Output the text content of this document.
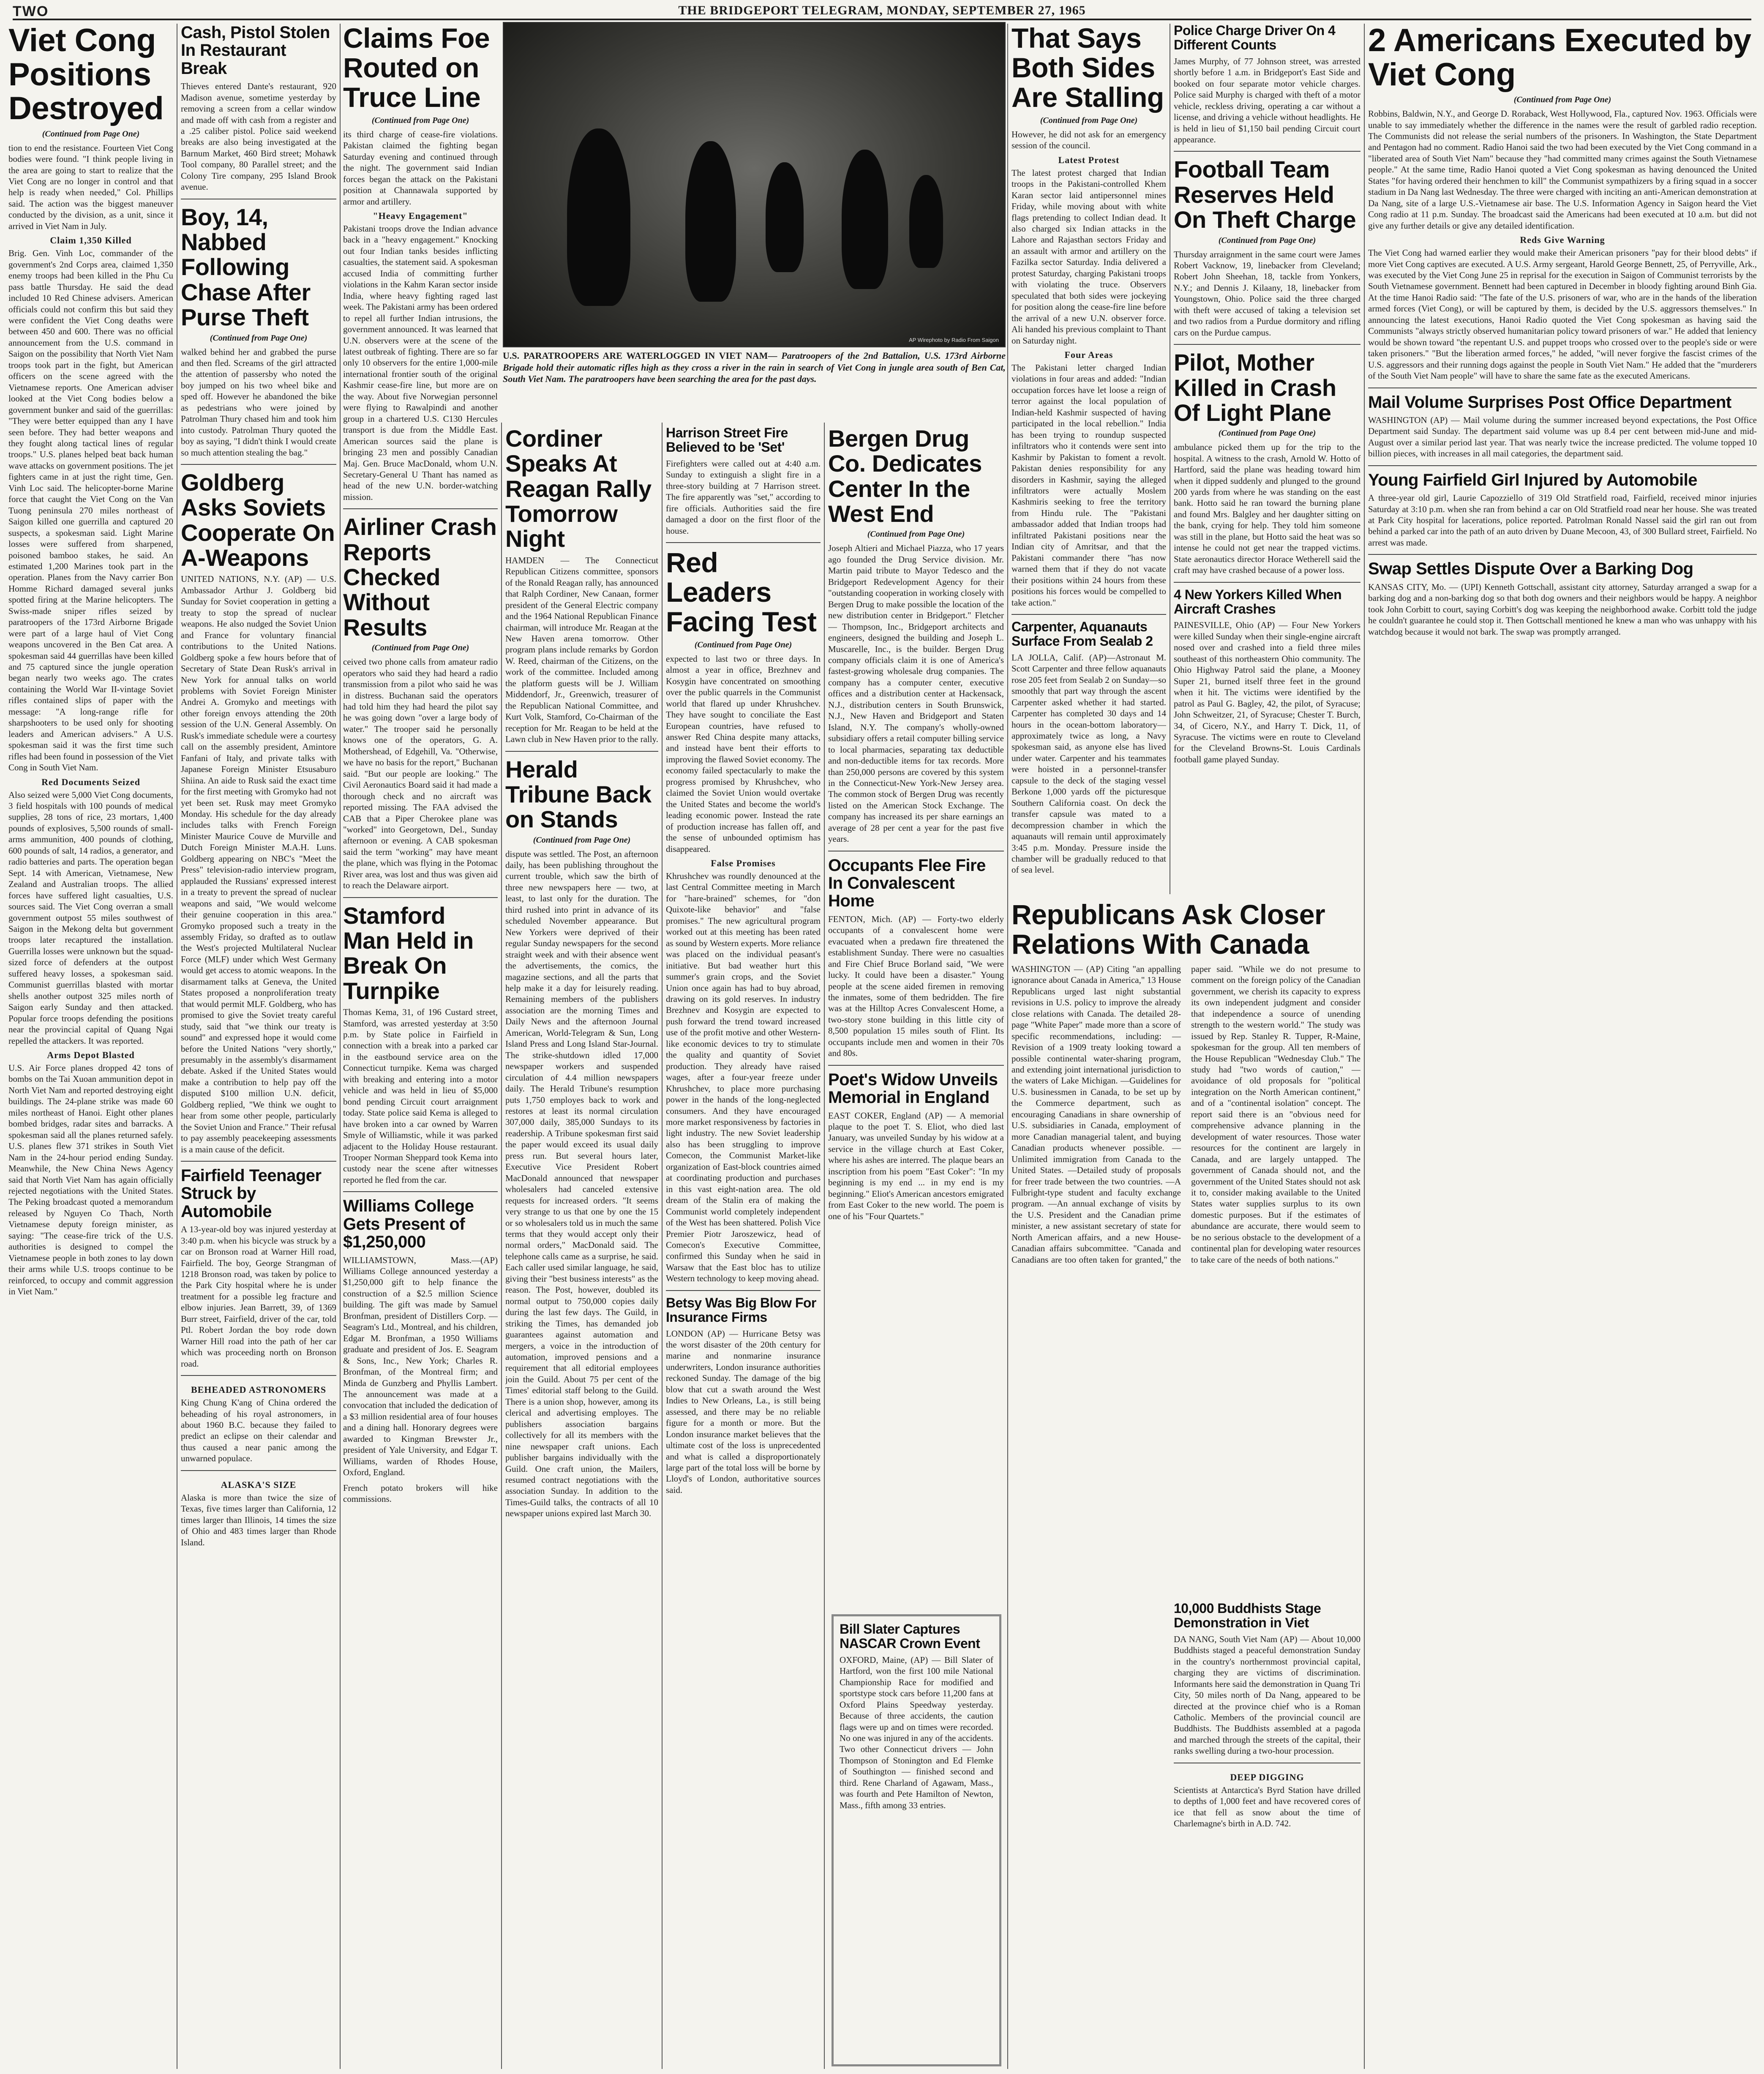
TWO	THE BRIDGEPORT TELEGRAM, MONDAY, SEPTEMBER 27, 1965
Viet Cong Positions Destroyed
(Continued from Page One)
tion to end the resistance. Fourteen Viet Cong bodies were found. "I think people living in the area are going to start to realize that the Viet Cong are no longer in control and that help is ready when needed," Col. Phillips said. The action was the biggest maneuver conducted by the division, as a unit, since it arrived in Viet Nam in July.
Claim 1,350 Killed
Brig. Gen. Vinh Loc, commander of the government's 2nd Corps area, claimed 1,350 enemy troops had been killed in the Phu Cu pass battle Thursday. He said the dead included 10 Red Chinese advisers. American officials could not confirm this but said they were confident the Viet Cong deaths were between 450 and 600. There was no official announcement from the U.S. command in Saigon on the possibility that North Viet Nam troops took part in the fight, but American officers on the scene agreed with the Vietnamese reports. One American adviser looked at the Viet Cong bodies below a government bunker and said of the guerrillas: "They were better equipped than any I have seen before. They had better weapons and they fought along tactical lines of regular troops." U.S. planes helped beat back human wave attacks on government positions. The jet fighters came in at just the right time, Gen. Vinh Loc said. The helicopter-borne Marine force that caught the Viet Cong on the Van Tuong peninsula 270 miles northeast of Saigon killed one guerrilla and captured 20 suspects, a spokesman said. Light Marine losses were suffered from sharpened, poisoned bamboo stakes, he said. An estimated 1,200 Marines took part in the operation. Planes from the Navy carrier Bon Homme Richard damaged several junks spotted firing at the Marine helicopters. The Swiss-made sniper rifles seized by paratroopers of the 173rd Airborne Brigade were part of a large haul of Viet Cong weapons uncovered in the Ben Cat area. A spokesman said 44 guerrillas have been killed and 75 captured since the jungle operation began nearly two weeks ago. The crates containing the World War II-vintage Soviet rifles contained slips of paper with the message: "A long-range rifle for sharpshooters to be used only for shooting leaders and American advisers." A U.S. spokesman said it was the first time such rifles had been found in possession of the Viet Cong in South Viet Nam.
Red Documents Seized
Also seized were 5,000 Viet Cong documents, 3 field hospitals with 100 pounds of medical supplies, 28 tons of rice, 23 mortars, 1,400 pounds of explosives, 5,500 rounds of small-arms ammunition, 400 pounds of clothing, 600 pounds of salt, 14 radios, a generator, and radio batteries and parts. The operation began Sept. 14 with American, Vietnamese, New Zealand and Australian troops. The allied forces have suffered light casualties, U.S. sources said. The Viet Cong overran a small government outpost 55 miles southwest of Saigon in the Mekong delta but government troops later recaptured the installation. Guerrilla losses were unknown but the squad-sized force of defenders at the outpost suffered heavy losses, a spokesman said. Communist guerrillas blasted with mortar shells another outpost 325 miles north of Saigon early Sunday and then attacked. Popular force troops defending the positions near the provincial capital of Quang Ngai repelled the attackers. It was reported.
Arms Depot Blasted
U.S. Air Force planes dropped 42 tons of bombs on the Tai Xuoan ammunition depot in North Viet Nam and reported destroying eight buildings. The 24-plane strike was made 60 miles northeast of Hanoi. Eight other planes bombed bridges, radar sites and barracks. A spokesman said all the planes returned safely. U.S. planes flew 371 strikes in South Viet Nam in the 24-hour period ending Sunday. Meanwhile, the New China News Agency said that North Viet Nam has again officially rejected negotiations with the United States. The Peking broadcast quoted a memorandum released by Nguyen Co Thach, North Vietnamese deputy foreign minister, as saying: "The cease-fire trick of the U.S. authorities is designed to compel the Vietnamese people in both zones to lay down their arms while U.S. troops continue to be reinforced, to occupy and commit aggression in Viet Nam."
Cash, Pistol Stolen In Restaurant Break
Thieves entered Dante's restaurant, 920 Madison avenue, sometime yesterday by removing a screen from a cellar window and made off with cash from a register and a .25 caliber pistol. Police said weekend breaks are also being investigated at the Barnum Market, 460 Bird street; Mohawk Tool company, 80 Parallel street; and the Colony Tire company, 295 Island Brook avenue.
Boy, 14, Nabbed Following Chase After Purse Theft
(Continued from Page One)
walked behind her and grabbed the purse and then fled. Screams of the girl attracted the attention of passersby who noted the boy jumped on his two wheel bike and sped off. However he abandoned the bike as pedestrians who were joined by Patrolman Thury chased him and took him into custody. Patrolman Thury quoted the boy as saying, "I didn't think I would create so much attention stealing the bag."
Goldberg Asks Soviets Cooperate On A-Weapons
UNITED NATIONS, N.Y. (AP) — U.S. Ambassador Arthur J. Goldberg bid Sunday for Soviet cooperation in getting a treaty to stop the spread of nuclear weapons. He also nudged the Soviet Union and France for voluntary financial contributions to the United Nations. Goldberg spoke a few hours before that of Secretary of State Dean Rusk's arrival in New York for annual talks on world problems with Soviet Foreign Minister Andrei A. Gromyko and meetings with other foreign envoys attending the 20th session of the U.N. General Assembly. On Rusk's immediate schedule were a courtesy call on the assembly president, Amintore Fanfani of Italy, and private talks with Japanese Foreign Minister Etsusaburo Shiina. An aide to Rusk said the exact time for the first meeting with Gromyko had not yet been set. Rusk may meet Gromyko Monday. His schedule for the day already includes talks with French Foreign Minister Maurice Couve de Murville and Dutch Foreign Minister M.A.H. Luns. Goldberg appearing on NBC's "Meet the Press" television-radio interview program, applauded the Russians' expressed interest in a treaty to prevent the spread of nuclear weapons and said, "We would welcome their genuine cooperation in this area." Gromyko proposed such a treaty in the assembly Friday, so drafted as to outlaw the West's projected Multilateral Nuclear Force (MLF) under which West Germany would get access to atomic weapons. In the disarmament talks at Geneva, the United States proposed a nonproliferation treaty that would permit MLF. Goldberg, who has promised to give the Soviet treaty careful study, said that "we think our treaty is sound" and expressed hope it would come before the United Nations "very shortly," presumably in the assembly's disarmament debate. Asked if the United States would make a contribution to help pay off the disputed $100 million U.N. deficit, Goldberg replied, "We think we ought to hear from some other people, particularly the Soviet Union and France." Their refusal to pay assembly peacekeeping assessments is a main cause of the deficit.
Fairfield Teenager Struck by Automobile
A 13-year-old boy was injured yesterday at 3:40 p.m. when his bicycle was struck by a car on Bronson road at Warner Hill road, Fairfield. The boy, George Strangman of 1218 Bronson road, was taken by police to the Park City hospital where he is under treatment for a possible leg fracture and elbow injuries. Jean Barrett, 39, of 1369 Burr street, Fairfield, driver of the car, told Ptl. Robert Jordan the boy rode down Warner Hill road into the path of her car which was proceeding north on Bronson road.
BEHEADED ASTRONOMERS
King Chung K'ang of China ordered the beheading of his royal astronomers, in about 1960 B.C. because they failed to predict an eclipse on their calendar and thus caused a near panic among the unwarned populace.
ALASKA'S SIZE
Alaska is more than twice the size of Texas, five times larger than California, 12 times larger than Illinois, 14 times the size of Ohio and 483 times larger than Rhode Island.
Claims Foe Routed on Truce Line
(Continued from Page One)
its third charge of cease-fire violations. Pakistan claimed the fighting began Saturday evening and continued through the night. The government said Indian forces began the attack on the Pakistani position at Channawala supported by armor and artillery.
"Heavy Engagement"
Pakistani troops drove the Indian advance back in a "heavy engagement." Knocking out four Indian tanks besides inflicting casualties, the statement said. A spokesman accused India of committing further violations in the Kahm Karan sector inside India, where heavy fighting raged last week. The Pakistani army has been ordered to repel all further Indian intrusions, the government announced. It was learned that U.N. observers were at the scene of the latest outbreak of fighting. There are so far only 10 observers for the entire 1,000-mile international frontier south of the original Kashmir cease-fire line, but more are on the way. About five Norwegian personnel were flying to Rawalpindi and another group in a chartered U.S. C130 Hercules transport is due from the Middle East. American sources said the plane is bringing 23 men and possibly Canadian Maj. Gen. Bruce MacDonald, whom U.N. Secretary-General U Thant has named as head of the new U.N. border-watching mission.
Airliner Crash Reports Checked Without Results
(Continued from Page One)
ceived two phone calls from amateur radio operators who said they had heard a radio transmission from a pilot who said he was in distress. Buchanan said the operators had told him they had heard the pilot say he was going down "over a large body of water." The trooper said he personally knows one of the operators, G. A. Mothershead, of Edgehill, Va. "Otherwise, we have no basis for the report," Buchanan said. "But our people are looking." The Civil Aeronautics Board said it had made a thorough check and no aircraft was reported missing. The FAA advised the CAB that a Piper Cherokee plane was "worked" into Georgetown, Del., Sunday afternoon or evening. A CAB spokesman said the term "working" may have meant the plane, which was flying in the Potomac River area, was lost and thus was given aid to reach the Delaware airport.
Stamford Man Held in Break On Turnpike
Thomas Kema, 31, of 196 Custard street, Stamford, was arrested yesterday at 3:50 p.m. by State police in Fairfield in connection with a break into a parked car in the eastbound service area on the Connecticut turnpike. Kema was charged with breaking and entering into a motor vehicle and was held in lieu of $5,000 bond pending Circuit court arraignment today. State police said Kema is alleged to have broken into a car owned by Warren Smyle of Williamstic, while it was parked adjacent to the Holiday House restaurant. Trooper Norman Sheppard took Kema into custody near the scene after witnesses reported he fled from the car.
Williams College Gets Present of $1,250,000
WILLIAMSTOWN, Mass.—(AP) Williams College announced yesterday a $1,250,000 gift to help finance the construction of a $2.5 million Science building. The gift was made by Samuel Bronfman, president of Distillers Corp. — Seagram's Ltd., Montreal, and his children, Edgar M. Bronfman, a 1950 Williams graduate and president of Jos. E. Seagram & Sons, Inc., New York; Charles R. Bronfman, of the Montreal firm; and Minda de Gunzberg and Phyllis Lambert. The announcement was made at a convocation that included the dedication of a $3 million residential area of four houses and a dining hall. Honorary degrees were awarded to Kingman Brewster Jr., president of Yale University, and Edgar T. Williams, warden of Rhodes House, Oxford, England.
French potato brokers will hike commissions.
AP Wirephoto by Radio From Saigon
U.S. PARATROOPERS ARE WATERLOGGED IN VIET NAM— Paratroopers of the 2nd Battalion, U.S. 173rd Airborne Brigade hold their automatic rifles high as they cross a river in the rain in search of Viet Cong in jungle area south of Ben Cat, South Viet Nam. The paratroopers have been searching the area for the past days.
Cordiner Speaks At Reagan Rally Tomorrow Night
HAMDEN — The Connecticut Republican Citizens committee, sponsors of the Ronald Reagan rally, has announced that Ralph Cordiner, New Canaan, former president of the General Electric company and the 1964 National Republican Finance chairman, will introduce Mr. Reagan at the New Haven arena tomorrow. Other program plans include remarks by Gordon W. Reed, chairman of the Citizens, on the work of the committee. Included among the platform guests will be J. William Middendorf, Jr., Greenwich, treasurer of the Republican National Committee, and Kurt Volk, Stamford, Co-Chairman of the reception for Mr. Reagan to be held at the Lawn club in New Haven prior to the rally.
Herald Tribune Back on Stands
(Continued from Page One)
dispute was settled. The Post, an afternoon daily, has been publishing throughout the current trouble, which saw the birth of three new newspapers here — two, at least, to last only for the duration. The third rushed into print in advance of its scheduled November appearance. But New Yorkers were deprived of their regular Sunday newspapers for the second straight week and with their absence went the advertisements, the comics, the magazine sections, and all the parts that help make it a day for leisurely reading. Remaining members of the publishers association are the morning Times and Daily News and the afternoon Journal American, World-Telegram & Sun, Long Island Press and Long Island Star-Journal. The strike-shutdown idled 17,000 newspaper workers and suspended circulation of 4.4 million newspapers daily. The Herald Tribune's resumption puts 1,750 employes back to work and restores at least its normal circulation 307,000 daily, 385,000 Sundays to its readership. A Tribune spokesman first said the paper would exceed its usual daily press run. But several hours later, Executive Vice President Robert MacDonald announced that newspaper wholesalers had canceled extensive requests for increased orders. "It seems very strange to us that one by one the 15 or so wholesalers told us in much the same terms that they would accept only their normal orders," MacDonald said. The telephone calls came as a surprise, he said. Each caller used similar language, he said, giving their "best business interests" as the reason. The Post, however, doubled its normal output to 750,000 copies daily during the last few days. The Guild, in striking the Times, has demanded job guarantees against automation and mergers, a voice in the introduction of automation, improved pensions and a requirement that all editorial employees join the Guild. About 75 per cent of the Times' editorial staff belong to the Guild. There is a union shop, however, among its clerical and advertising employes. The publishers association bargains collectively for all its members with the nine newspaper craft unions. Each publisher bargains individually with the Guild. One craft union, the Mailers, resumed contract negotiations with the association Sunday. In addition to the Times-Guild talks, the contracts of all 10 newspaper unions expired last March 30.
Harrison Street Fire Believed to be 'Set'
Firefighters were called out at 4:40 a.m. Sunday to extinguish a slight fire in a three-story building at 7 Harrison street. The fire apparently was "set," according to fire officials. Authorities said the fire damaged a door on the first floor of the house.
Red Leaders Facing Test
(Continued from Page One)
expected to last two or three days. In almost a year in office, Brezhnev and Kosygin have concentrated on smoothing over the public quarrels in the Communist world that flared up under Khrushchev. They have sought to conciliate the East European countries, have refused to answer Red China despite many attacks, and instead have bent their efforts to improving the flawed Soviet economy. The economy failed spectacularly to make the progress promised by Khrushchev, who claimed the Soviet Union would overtake the United States and become the world's leading economic power. Instead the rate of production increase has fallen off, and the sense of unbounded optimism has disappeared.
False Promises
Khrushchev was roundly denounced at the last Central Committee meeting in March for "hare-brained" schemes, for "don Quixote-like behavior" and "false promises." The new agricultural program worked out at this meeting has been rated as sound by Western experts. More reliance was placed on the individual peasant's initiative. But bad weather hurt this summer's grain crops, and the Soviet Union once again has had to buy abroad, drawing on its gold reserves. In industry Brezhnev and Kosygin are expected to push forward the trend toward increased use of the profit motive and other Western-like economic devices to try to stimulate the quality and quantity of Soviet production. They already have raised wages, after a four-year freeze under Khrushchev, to place more purchasing power in the hands of the long-neglected consumers. And they have encouraged more market responsiveness by factories in light industry. The new Soviet leadership also has been struggling to improve Comecon, the Communist Market-like organization of East-block countries aimed at coordinating production and purchases in this vast eight-nation area. The old dream of the Stalin era of making the Communist world completely independent of the West has been shattered. Polish Vice Premier Piotr Jaroszewicz, head of Comecon's Executive Committee, confirmed this Sunday when he said in Warsaw that the East bloc has to utilize Western technology to keep moving ahead.
Betsy Was Big Blow For Insurance Firms
LONDON (AP) — Hurricane Betsy was the worst disaster of the 20th century for marine and nonmarine insurance underwriters, London insurance authorities reckoned Sunday. The damage of the big blow that cut a swath around the West Indies to New Orleans, La., is still being assessed, and there may be no reliable figure for a month or more. But the London insurance market believes that the ultimate cost of the loss is unprecedented and what is called a disproportionately large part of the total loss will be borne by Lloyd's of London, authoritative sources said.
Bergen Drug Co. Dedicates Center In the West End
(Continued from Page One)
Joseph Altieri and Michael Piazza, who 17 years ago founded the Drug Service division. Mr. Martin paid tribute to Mayor Tedesco and the Bridgeport Redevelopment Agency for their "outstanding cooperation in working closely with Bergen Drug to make possible the location of the new distribution center in Bridgeport." Fletcher — Thompson, Inc., Bridgeport architects and engineers, designed the building and Joseph L. Muscarelle, Inc., is the builder. Bergen Drug company officials claim it is one of America's fastest-growing wholesale drug companies. The company has a computer center, executive offices and a distribution center at Hackensack, N.J., distribution centers in South Brunswick, N.J., New Haven and Bridgeport and Staten Island, N.Y. The company's wholly-owned subsidiary offers a retail computer billing service to local pharmacies, separating tax deductible and non-deductible items for tax records. More than 250,000 persons are covered by this system in the Connecticut-New York-New Jersey area. The common stock of Bergen Drug was recently listed on the American Stock Exchange. The company has increased its per share earnings an average of 28 per cent a year for the past five years.
Occupants Flee Fire In Convalescent Home
FENTON, Mich. (AP) — Forty-two elderly occupants of a convalescent home were evacuated when a predawn fire threatened the establishment Sunday. There were no casualties and Fire Chief Bruce Borland said, "We were lucky. It could have been a disaster." Young people at the scene aided firemen in removing the inmates, some of them bedridden. The fire was at the Hilltop Acres Convalescent Home, a two-story stone building in this little city of 8,500 population 15 miles south of Flint. Its occupants include men and women in their 70s and 80s.
Poet's Widow Unveils Memorial in England
EAST COKER, England (AP) — A memorial plaque to the poet T. S. Eliot, who died last January, was unveiled Sunday by his widow at a service in the village church at East Coker, where his ashes are interred. The plaque bears an inscription from his poem "East Coker": "In my beginning is my end ... in my end is my beginning." Eliot's American ancestors emigrated from East Coker to the new world. The poem is one of his "Four Quartets."
That Says Both Sides Are Stalling
(Continued from Page One)
However, he did not ask for an emergency session of the council.
Latest Protest
The latest protest charged that Indian troops in the Pakistani-controlled Khem Karan sector laid antipersonnel mines Friday, while moving about with white flags pretending to collect Indian dead. It also charged six Indian attacks in the Lahore and Rajasthan sectors Friday and an assault with armor and artillery on the Fazilka sector Saturday. India delivered a protest Saturday, charging Pakistani troops with violating the truce. Observers speculated that both sides were jockeying for position along the cease-fire line before the arrival of a new U.N. observer force. Ali handed his previous complaint to Thant on Saturday night.
Four Areas
The Pakistani letter charged Indian violations in four areas and added: "Indian occupation forces have let loose a reign of terror against the local population of Indian-held Kashmir suspected of having participated in the local rebellion." India has been trying to roundup suspected infiltrators who it contends were sent into Kashmir by Pakistan to foment a revolt. Pakistan denies responsibility for any disorders in Kashmir, saying the alleged infiltrators were actually Moslem Kashmiris seeking to free the territory from Hindu rule. The "Pakistani ambassador added that Indian troops had infiltrated Pakistani positions near the Indian city of Amritsar, and that the Pakistani commander there "has now warned them that if they do not vacate their positions within 24 hours from these positions his forces would be compelled to take action."
Carpenter, Aquanauts Surface From Sealab 2
LA JOLLA, Calif. (AP)—Astronaut M. Scott Carpenter and three fellow aquanauts rose 205 feet from Sealab 2 on Sunday—so smoothly that part way through the ascent Carpenter asked whether it had started. Carpenter has completed 30 days and 14 hours in the ocean-bottom laboratory—approximately twice as long, a Navy spokesman said, as anyone else has lived under water. Carpenter and his teammates were hoisted in a personnel-transfer capsule to the deck of the staging vessel Berkone 1,000 yards off the picturesque Southern California coast. On deck the transfer capsule was mated to a decompression chamber in which the aquanauts will remain until approximately 3:45 p.m. Monday. Pressure inside the chamber will be gradually reduced to that of sea level.
Police Charge Driver On 4 Different Counts
James Murphy, of 77 Johnson street, was arrested shortly before 1 a.m. in Bridgeport's East Side and booked on four separate motor vehicle charges. Police said Murphy is charged with theft of a motor vehicle, reckless driving, operating a car without a license, and driving a vehicle without headlights. He is held in lieu of $1,150 bail pending Circuit court appearance.
Football Team Reserves Held On Theft Charge
(Continued from Page One)
Thursday arraignment in the same court were James Robert Vacknow, 19, linebacker from Cleveland; Robert John Sheehan, 18, tackle from Yonkers, N.Y.; and Dennis J. Kilaany, 18, linebacker from Youngstown, Ohio. Police said the three charged with theft were accused of taking a television set and two radios from a Purdue dormitory and rifling cars on the Purdue campus.
Pilot, Mother Killed in Crash Of Light Plane
(Continued from Page One)
ambulance picked them up for the trip to the hospital. A witness to the crash, Arnold W. Hotto of Hartford, said the plane was heading toward him when it dipped suddenly and plunged to the ground 200 yards from where he was standing on the east bank. Hotto said he ran toward the burning plane and found Mrs. Balgley and her daughter sitting on the bank, crying for help. They told him someone was still in the plane, but Hotto said the heat was so intense he could not get near the trapped victims. State aeronautics director Horace Wetherell said the craft may have crashed because of a power loss.
4 New Yorkers Killed When Aircraft Crashes
PAINESVILLE, Ohio (AP) — Four New Yorkers were killed Sunday when their single-engine aircraft nosed over and crashed into a field three miles southeast of this northeastern Ohio community. The Ohio Highway Patrol said the plane, a Mooney Super 21, burned itself three feet in the ground when it hit. The victims were identified by the patrol as Paul G. Bagley, 42, the pilot, of Syracuse; John Schweitzer, 21, of Syracuse; Chester T. Burch, 34, of Cicero, N.Y., and Harry T. Dick, 11, of Syracuse. The victims were en route to Cleveland for the Cleveland Browns-St. Louis Cardinals football game played Sunday.
Republicans Ask Closer Relations With Canada
WASHINGTON — (AP) Citing "an appalling ignorance about Canada in America," 13 House Republicans urged last night substantial revisions in U.S. policy to improve the already close relations with Canada. The detailed 28-page "White Paper" made more than a score of specific recommendations, including: —Revision of a 1909 treaty looking toward a possible continental water-sharing program, and extending joint international jurisdiction to the waters of Lake Michigan. —Guidelines for U.S. businessmen in Canada, to be set up by the Commerce department, such as encouraging Canadians in share ownership of U.S. subsidiaries in Canada, employment of more Canadian managerial talent, and buying Canadian products whenever possible. —Unlimited immigration from Canada to the United States. —Detailed study of proposals for freer trade between the two countries. —A Fulbright-type student and faculty exchange program. —An annual exchange of visits by the U.S. President and the Canadian prime minister, a new assistant secretary of state for North American affairs, and a new House-Canadian affairs subcommittee. "Canada and Canadians are too often taken for granted," the paper said. "While we do not presume to comment on the foreign policy of the Canadian government, we cherish its capacity to express its own independent judgment and consider that independence a source of unending strength to the western world." The study was issued by Rep. Stanley R. Tupper, R-Maine, spokesman for the group. All ten members of the House Republican "Wednesday Club." The study had "two words of caution," — avoidance of old proposals for "political integration on the North American continent," and of a "continental isolation" concept. The report said there is an "obvious need for comprehensive advance planning in the development of water resources. Those water resources for the continent are largely in Canada, and are largely untapped. The government of Canada should not, and the government of the United States should not ask it to, consider making available to the United States water supplies surplus to its own domestic purposes. But if the estimates of abundance are accurate, there would seem to be no serious obstacle to the development of a continental plan for developing water resources to take care of the needs of both nations."
10,000 Buddhists Stage Demonstration in Viet
DA NANG, South Viet Nam (AP) — About 10,000 Buddhists staged a peaceful demonstration Sunday in the country's northernmost provincial capital, charging they are victims of discrimination. Informants here said the demonstration in Quang Tri City, 50 miles north of Da Nang, appeared to be directed at the province chief who is a Roman Catholic. Members of the provincial council are Buddhists. The Buddhists assembled at a pagoda and marched through the streets of the capital, their ranks swelling during a two-hour procession.
DEEP DIGGING
Scientists at Antarctica's Byrd Station have drilled to depths of 1,000 feet and have recovered cores of ice that fell as snow about the time of Charlemagne's birth in A.D. 742.
Bill Slater Captures NASCAR Crown Event
OXFORD, Maine, (AP) — Bill Slater of Hartford, won the first 100 mile National Championship Race for modified and sportstype stock cars before 11,200 fans at Oxford Plains Speedway yesterday. Because of three accidents, the caution flags were up and on times were recorded. No one was injured in any of the accidents. Two other Connecticut drivers — John Thompson of Stonington and Ed Flemke of Southington — finished second and third. Rene Charland of Agawam, Mass., was fourth and Pete Hamilton of Newton, Mass., fifth among 33 entries.
2 Americans Executed by Viet Cong
(Continued from Page One)
Robbins, Baldwin, N.Y., and George D. Roraback, West Hollywood, Fla., captured Nov. 1963. Officials were unable to say immediately whether the difference in the names were the result of garbled radio reception. The Communists did not release the serial numbers of the prisoners. In Washington, the State Department and Pentagon had no comment. Radio Hanoi said the two had been executed by the Viet Cong command in a "liberated area of South Viet Nam" because they "had committed many crimes against the South Vietnamese people." At the same time, Radio Hanoi quoted a Viet Cong spokesman as having denounced the United States "for having ordered their henchmen to kill" the Communist sympathizers by a firing squad in a soccer stadium in Da Nang last Wednesday. The three were charged with inciting an anti-American demonstration at Da Nang, site of a large U.S.-Vietnamese air base. The U.S. Information Agency in Saigon heard the Viet Cong radio at 11 p.m. Sunday. The broadcast said the Americans had been executed at 10 a.m. but did not give any further details or give any detailed identification.
Reds Give Warning
The Viet Cong had warned earlier they would make their American prisoners "pay for their blood debts" if more Viet Cong captives are executed. A U.S. Army sergeant, Harold George Bennett, 25, of Perryville, Ark., was executed by the Viet Cong June 25 in reprisal for the execution in Saigon of Communist terrorists by the South Vietnamese government. Bennett had been captured in December in bloody fighting around Binh Gia. At the time Hanoi Radio said: "The fate of the U.S. prisoners of war, who are in the hands of the liberation armed forces (Viet Cong), or will be captured by them, is decided by the U.S. aggressors themselves." In announcing the latest executions, Hanoi Radio quoted the Viet Cong spokesman as having said the Communists "always strictly observed humanitarian policy toward prisoners of war." He added that leniency would be shown toward "the repentant U.S. and puppet troops who crossed over to the people's side or were taken prisoners." "But the liberation armed forces," he added, "will never forgive the fascist crimes of the U.S. aggressors and their running dogs against the people in South Viet Nam." He added that the "murderers of the South Viet Nam people" will have to share the same fate as the executed Americans.
Mail Volume Surprises Post Office Department
WASHINGTON (AP) — Mail volume during the summer increased beyond expectations, the Post Office Department said Sunday. The department said volume was up 8.4 per cent between mid-June and mid-August over a similar period last year. That was nearly twice the increase predicted. The volume topped 10 billion pieces, with increases in all mail categories, the department said.
Young Fairfield Girl Injured by Automobile
A three-year old girl, Laurie Capozziello of 319 Old Stratfield road, Fairfield, received minor injuries Saturday at 3:10 p.m. when she ran from behind a car on Old Stratfield road near her house. She was treated at Park City hospital for lacerations, police reported. Patrolman Ronald Nassel said the girl ran out from behind a parked car into the path of an auto driven by Duane Mecoon, 43, of 300 Bullard street, Fairfield. No arrest was made.
Swap Settles Dispute Over a Barking Dog
KANSAS CITY, Mo. — (UPI) Kenneth Gottschall, assistant city attorney, Saturday arranged a swap for a barking dog and a non-barking dog so that both dog owners and their neighbors would be happy. A neighbor took John Corbitt to court, saying Corbitt's dog was keeping the neighborhood awake. Corbitt told the judge he couldn't guarantee he could stop it. Then Gottschall mentioned he knew a man who was unhappy with his watchdog because it would not bark. The swap was promptly arranged.
